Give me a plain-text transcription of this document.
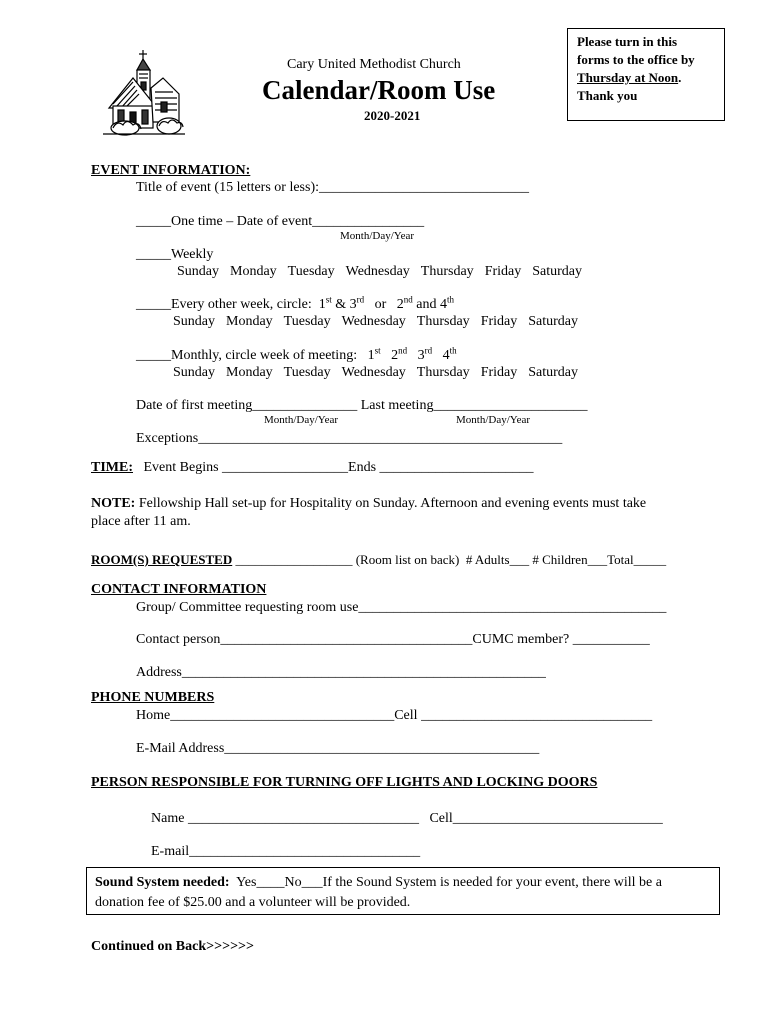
Cary United Methodist Church
Calendar/Room Use
2020-2021
Please turn in this
forms to the office by
Thursday at Noon.
Thank you
EVENT INFORMATION:
Title of event (15 letters or less):______________________________
_____One time – Date of event________________
Month/Day/Year
_____Weekly
Sunday Monday Tuesday Wednesday Thursday Friday Saturday
_____Every other week, circle: 1st & 3rd or 2nd and 4th
Sunday Monday Tuesday Wednesday Thursday Friday Saturday
_____Monthly, circle week of meeting: 1st 2nd 3rd 4th
Sunday Monday Tuesday Wednesday Thursday Friday Saturday
Date of first meeting_______________ Last meeting______________________
Month/Day/Year	Month/Day/Year
Exceptions____________________________________________________
TIME: Event Begins __________________Ends ______________________
NOTE: Fellowship Hall set-up for Hospitality on Sunday. Afternoon and evening events must take
place after 11 am.
ROOM(S) REQUESTED __________________ (Room list on back) # Adults___ # Children___Total_____
CONTACT INFORMATION
Group/ Committee requesting room use____________________________________________
Contact person____________________________________CUMC member? ___________
Address____________________________________________________
PHONE NUMBERS
Home________________________________Cell _________________________________
E-Mail Address_____________________________________________
PERSON RESPONSIBLE FOR TURNING OFF LIGHTS AND LOCKING DOORS
Name _________________________________ Cell______________________________
E-mail_________________________________
Sound System needed: Yes____No___If the Sound System is needed for your event, there will be a
donation fee of $25.00 and a volunteer will be provided.
Continued on Back>>>>>>
